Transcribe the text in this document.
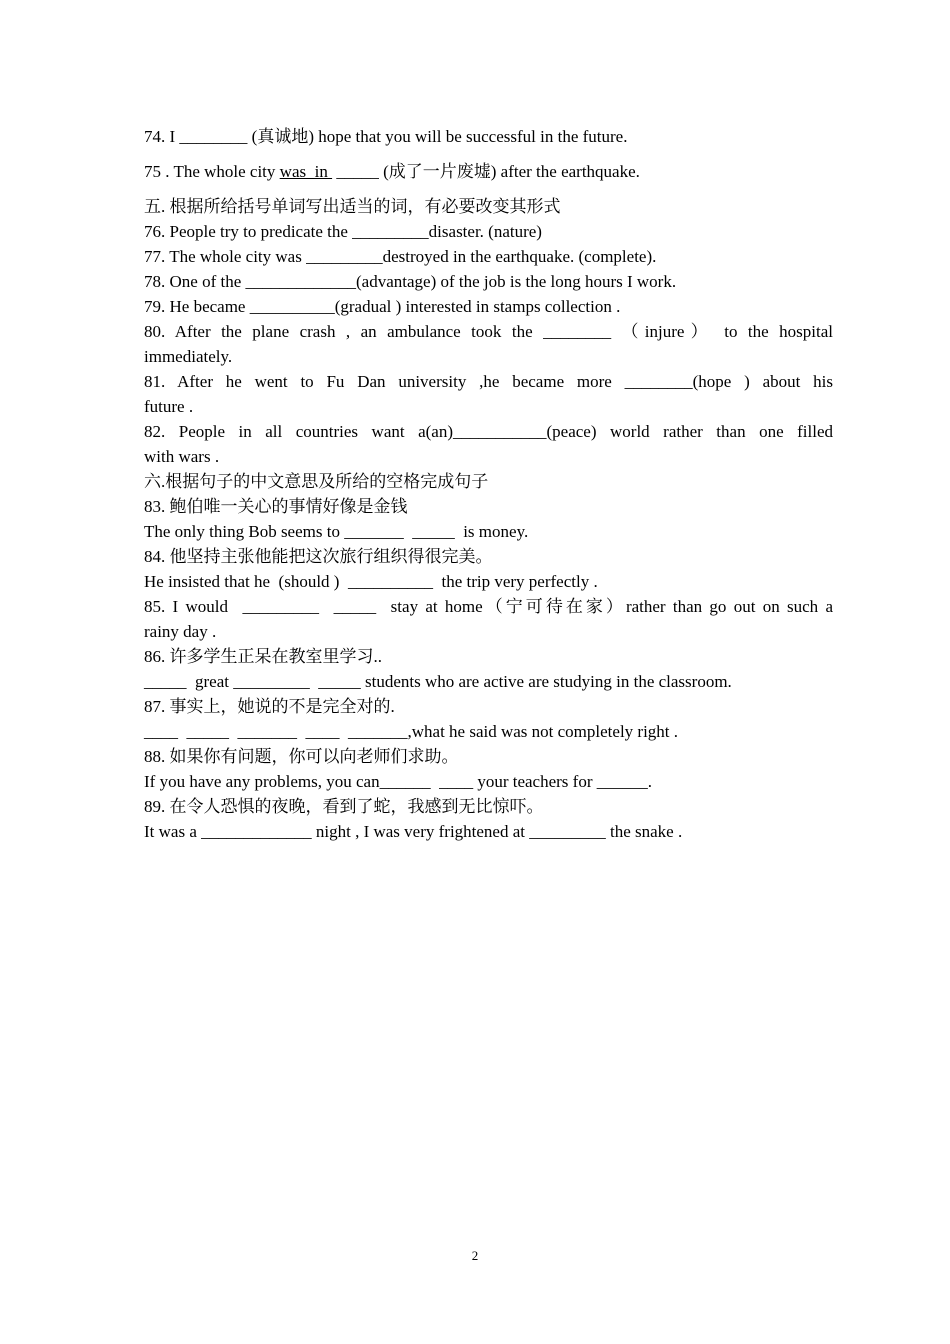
74. I ________ (真诚地) hope that you will be successful in the future.
75 . The whole city was  in  _____ (成了一片废墟) after the earthquake.
五. 根据所给括号单词写出适当的词，有必要改变其形式
76. People try to predicate the _________disaster. (nature)
77. The whole city was _________destroyed in the earthquake. (complete).
78. One of the _____________(advantage) of the job is the long hours I work.
79. He became __________(gradual ) interested in stamps collection .
80. After the plane crash , an ambulance took the ________ （injure） to the hospital
immediately.
81. After he went to Fu Dan university ,he became more ________(hope ) about his
future .
82. People in all countries want a(an)___________(peace) world rather than one filled
with wars .
六.根据句子的中文意思及所给的空格完成句子
83. 鲍伯唯一关心的事情好像是金钱
The only thing Bob seems to _______  _____  is money.
84. 他坚持主张他能把这次旅行组织得很完美。
He insisted that he  (should )  __________  the trip very perfectly .
85. I would  _________  _____  stay at home（宁可待在家）rather than go out on such a
rainy day .
86. 许多学生正呆在教室里学习..
_____  great _________  _____ students who are active are studying in the classroom.
87. 事实上，她说的不是完全对的.
____  _____  _______  ____  _______,what he said was not completely right .
88. 如果你有问题，你可以向老师们求助。
If you have any problems, you can______  ____ your teachers for ______.
89. 在令人恐惧的夜晚，看到了蛇，我感到无比惊吓。
It was a _____________ night , I was very frightened at _________ the snake .
2
